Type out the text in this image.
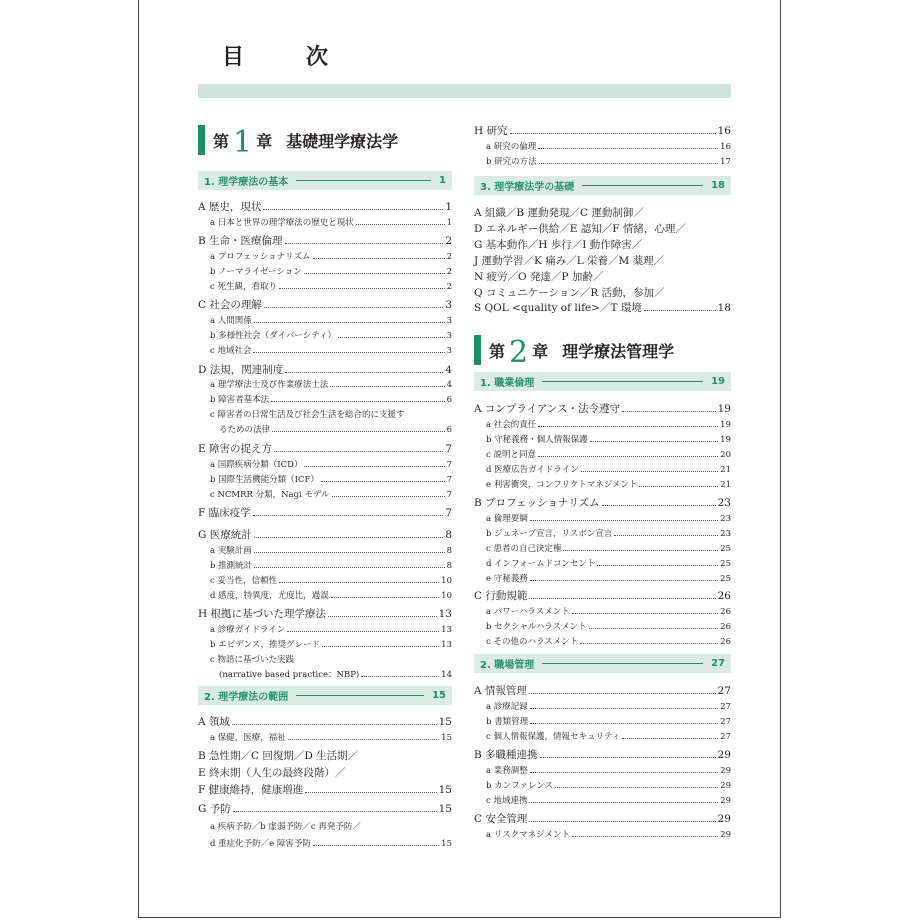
目　次
第 1 章 基礎理学療法学
1. 理学療法の基本	1
A 歴史，現状	1
a 日本と世界の理学療法の歴史と現状	1
B 生命・医療倫理	2
a プロフェッショナリズム	2
b ノーマライゼーション	2
c 死生観，看取り	2
C 社会の理解	3
a 人間関係	3
b 多様性社会（ダイバーシティ）	3
c 地域社会	3
D 法規，関連制度	4
a 理学療法士及び作業療法士法	4
b 障害者基本法	6
c 障害者の日常生活及び社会生活を総合的に支援す
るための法律	6
E 障害の捉え方	7
a 国際疾病分類（ICD）	7
b 国際生活機能分類（ICF）	7
c NCMRR 分類，Nagi モデル	7
F 臨床疫学	7
G 医療統計	8
a 実験計画	8
b 推測統計	8
c 妥当性，信頼性	10
d 感度，特異度，尤度比，過誤	10
H 根拠に基づいた理学療法	13
a 診療ガイドライン	13
b エビデンス，推奨グレード	13
c 物語に基づいた実践
(narrative based practice：NBP)	14
2. 理学療法の範囲	15
A 領域	15
a 保健，医療，福祉	15
B 急性期／C 回復期／D 生活期／
E 終末期（人生の最終段階）／
F 健康維持，健康増進	15
G 予防	15
a 疾病予防／b 虚弱予防／c 再発予防／
d 重症化予防／e 障害予防	15
H 研究	16
a 研究の倫理	16
b 研究の方法	17
3. 理学療法学の基礎	18
A 組織／B 運動発現／C 運動制御／
D エネルギー供給／E 認知／F 情緒，心理／
G 基本動作／H 歩行／I 動作障害／
J 運動学習／K 痛み／L 栄養／M 薬理／
N 疲労／O 発達／P 加齢／
Q コミュニケーション／R 活動，参加／
S QOL <quality of life>／T 環境	18
第 2 章 理学療法管理学
1. 職業倫理	19
A コンプライアンス・法令遵守	19
a 社会的責任	19
b 守秘義務・個人情報保護	19
c 説明と同意	20
d 医療広告ガイドライン	21
e 利害衝突，コンフリクトマネジメント	21
B プロフェッショナリズム	23
a 倫理要綱	23
b ジュネーブ宣言，リスボン宣言	23
c 患者の自己決定権	25
d インフォームドコンセント	25
e 守秘義務	25
C 行動規範	26
a パワーハラスメント	26
b セクシャルハラスメント	26
c その他のハラスメント	26
2. 職場管理	27
A 情報管理	27
a 診療記録	27
b 書類管理	27
c 個人情報保護，情報セキュリティ	27
B 多職種連携	29
a 業務調整	29
b カンファレンス	29
c 地域連携	29
C 安全管理	29
a リスクマネジメント	29
